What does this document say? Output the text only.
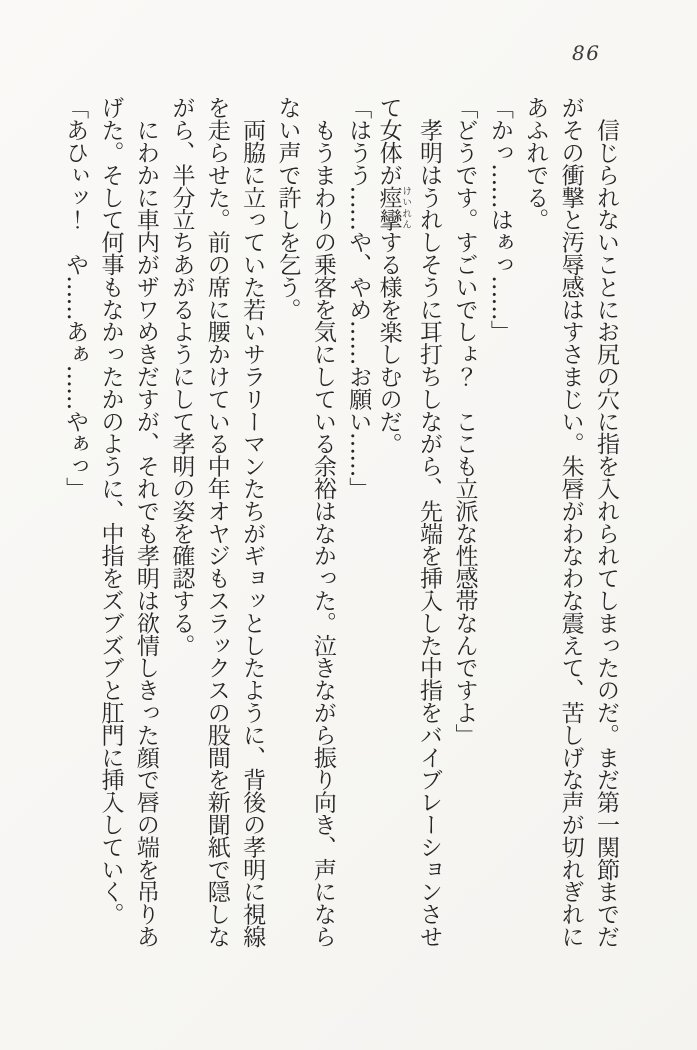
86
　信じられないことにお尻の穴に指を入れられてしまったのだ。まだ第一関節までだ
がその衝撃と汚辱感はすさまじい。朱唇がわなわな震えて、苦しげな声が切れぎれに
あふれでる。
「かっ……はぁっ……」
「どうです。すごいでしょ？　ここも立派な性感帯なんですよ」
　孝明はうれしそうに耳打ちしながら、先端を挿入した中指をバイブレーションさせ
て女体が痙攣けいれんする様を楽しむのだ。
「はうう……や、やめ……お願い……」
　もうまわりの乗客を気にしている余裕はなかった。泣きながら振り向き、声になら
ない声で許しを乞う。
　両脇に立っていた若いサラリーマンたちがギョッとしたように、背後の孝明に視線
を走らせた。前の席に腰かけている中年オヤジもスラックスの股間を新聞紙で隠しな
がら、半分立ちあがるようにして孝明の姿を確認する。
　にわかに車内がザワめきだすが、それでも孝明は欲情しきった顔で唇の端を吊りあ
げた。そして何事もなかったかのように、中指をズブズブと肛門に挿入していく。
「あひぃッ！　や……あぁ……やぁっ」
